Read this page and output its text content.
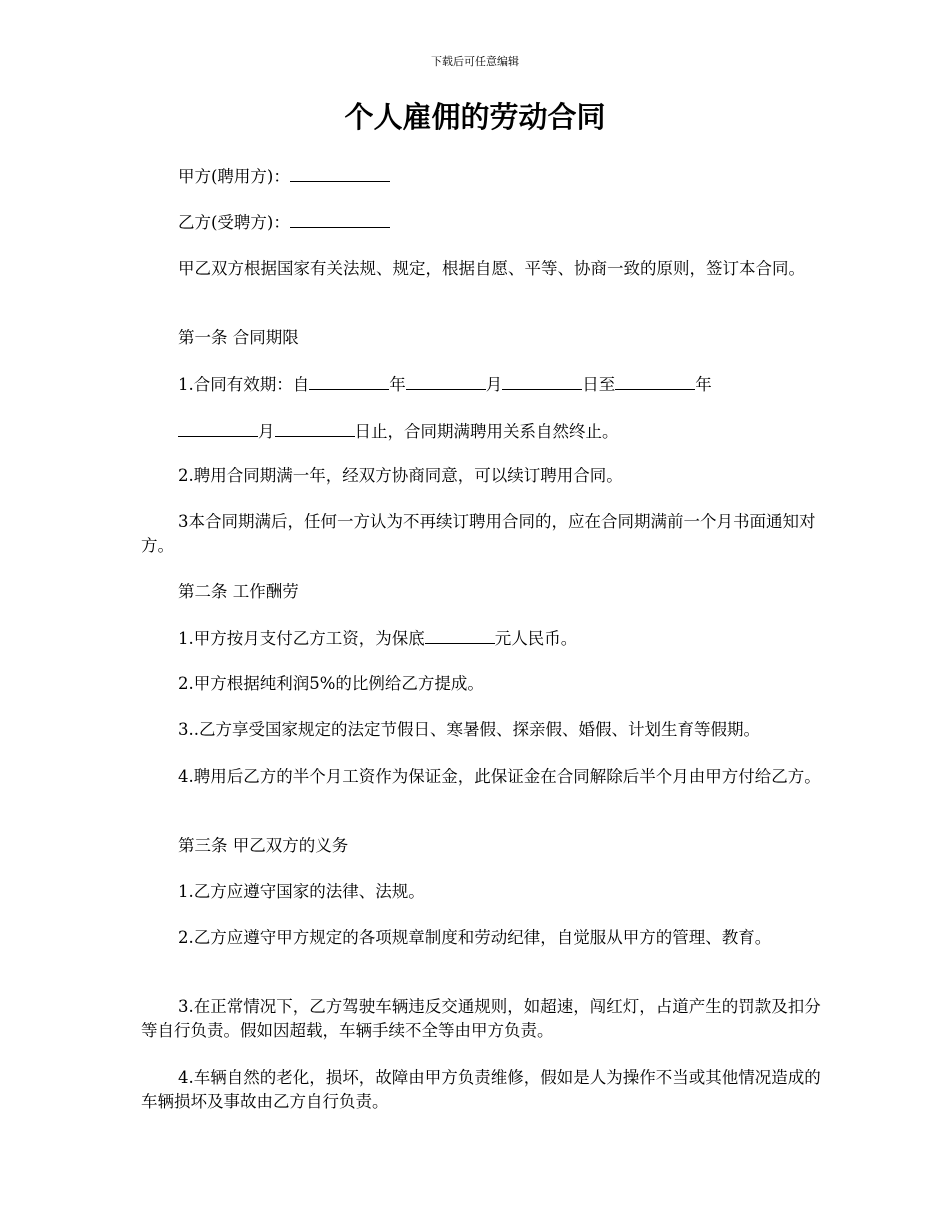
下载后可任意编辑
个人雇佣的劳动合同

甲方(聘用方)：

乙方(受聘方)：

甲乙双方根据国家有关法规、规定，根据自愿、平等、协商一致的原则，签订本合同。

第一条 合同期限

1.合同有效期：自	年	月	日至	年

月	日止，合同期满聘用关系自然终止。

2.聘用合同期满一年，经双方协商同意，可以续订聘用合同。

3本合同期满后，任何一方认为不再续订聘用合同的，应在合同期满前一个月书面通知对方。

第二条 工作酬劳

1.甲方按月支付乙方工资，为保底	元人民币。

2.甲方根据纯利润5%的比例给乙方提成。

3..乙方享受国家规定的法定节假日、寒暑假、探亲假、婚假、计划生育等假期。

4.聘用后乙方的半个月工资作为保证金，此保证金在合同解除后半个月由甲方付给乙方。

第三条 甲乙双方的义务

1.乙方应遵守国家的法律、法规。

2.乙方应遵守甲方规定的各项规章制度和劳动纪律，自觉服从甲方的管理、教育。

3.在正常情况下，乙方驾驶车辆违反交通规则，如超速，闯红灯，占道产生的罚款及扣分等自行负责。假如因超载，车辆手续不全等由甲方负责。

4.车辆自然的老化，损坏，故障由甲方负责维修，假如是人为操作不当或其他情况造成的车辆损坏及事故由乙方自行负责。
